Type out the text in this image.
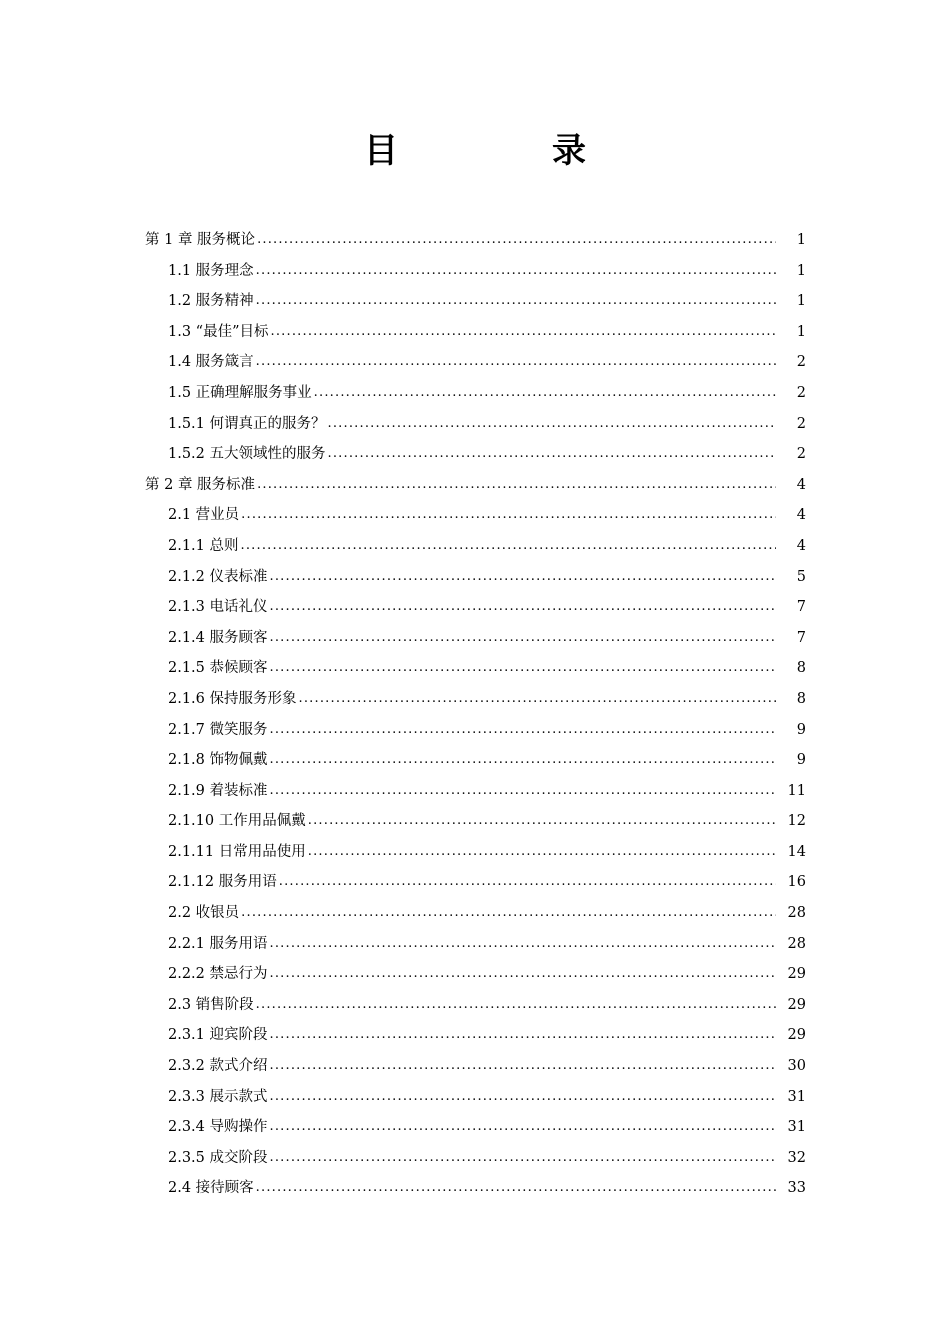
目　录
第 1 章 服务概论 .....	1
1.1 服务理念 .....	1
1.2 服务精神 .....	1
1.3 “最佳”目标 .....	1
1.4 服务箴言 .....	2
1.5 正确理解服务事业 .....	2
1.5.1 何谓真正的服务？ .....	2
1.5.2 五大领域性的服务 .....	2
第 2 章 服务标准 .....	4
2.1 营业员 .....	4
2.1.1 总则 .....	4
2.1.2 仪表标准 .....	5
2.1.3 电话礼仪 .....	7
2.1.4 服务顾客 .....	7
2.1.5 恭候顾客 .....	8
2.1.6 保持服务形象 .....	8
2.1.7 微笑服务 .....	9
2.1.8 饰物佩戴 .....	9
2.1.9 着装标准 .....	11
2.1.10 工作用品佩戴 .....	12
2.1.11 日常用品使用 .....	14
2.1.12 服务用语 .....	16
2.2 收银员 .....	28
2.2.1 服务用语 .....	28
2.2.2 禁忌行为 .....	29
2.3 销售阶段 .....	29
2.3.1 迎宾阶段 .....	29
2.3.2 款式介绍 .....	30
2.3.3 展示款式 .....	31
2.3.4 导购操作 .....	31
2.3.5 成交阶段 .....	32
2.4 接待顾客 .....	33
